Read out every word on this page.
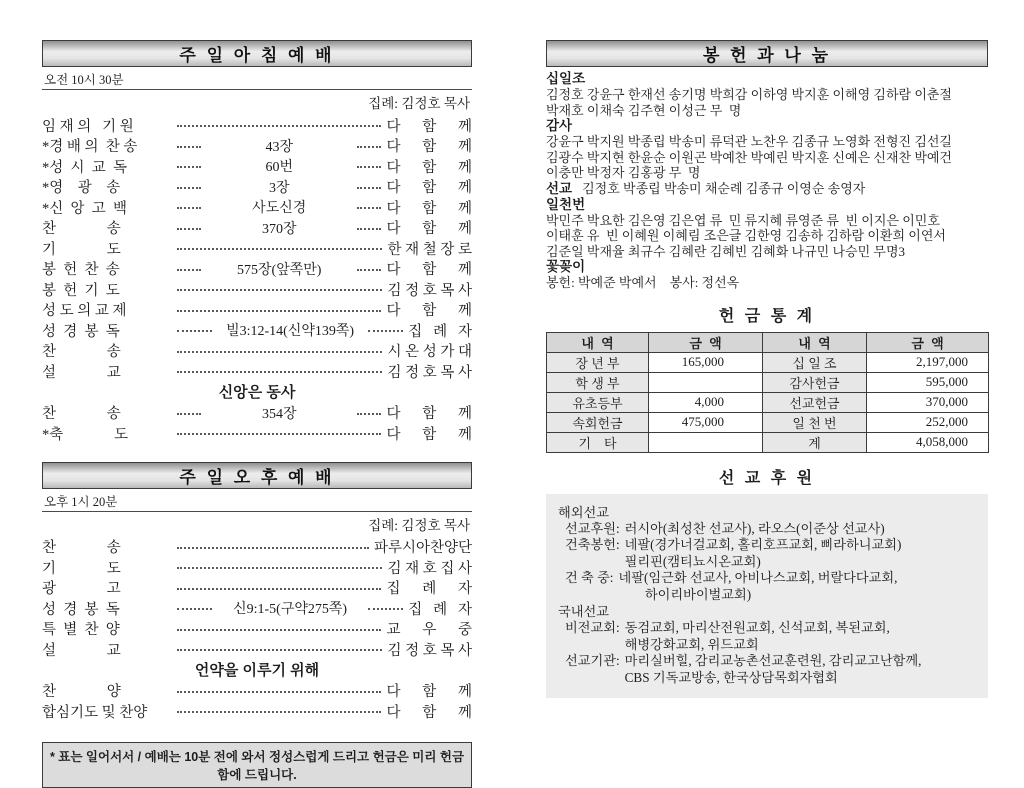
주 일 아 침 예 배
오전 10시 30분
집례: 김정호 목사
임 재 의   기 원	다      함      께
*경 배 의  찬 송	43장	다      함      께
*성  시  교  독	60번	다      함      께
*영    광    송	3장	다      함      께
*신  앙  고  백	사도신경	다      함      께
찬              송	370장	다      함      께
기              도	한 재 철 장 로
봉  헌  찬  송	575장(앞쪽만)	다      함      께
봉  헌  기  도	김 정 호 목 사
성 도 의 교 제	다      함      께
성  경  봉  독	빌3:12-14(신약139쪽)	집   례   자
찬              송	시 온 성 가 대
설              교	김 정 호 목 사
신앙은 동사
찬              송	354장	다      함      께
*축              도	다      함      께
주 일 오 후 예 배
오후 1시 20분
집례: 김정호 목사
찬              송	파루시아찬양단
기              도	김 재 호 집 사
광              고	집      례      자
성  경  봉  독	신9:1-5(구약275쪽)	집   례   자
특  별  찬  양	교      우      중
설              교	김 정 호 목 사
언약을 이루기 위해
찬              양	다      함      께
합심기도 및 찬양	다      함      께
* 표는 일어서서 / 예배는 10분 전에 와서 정성스럽게 드리고 헌금은 미리 헌금함에 드립니다.
봉 헌 과 나 눔
십일조
김정호 강윤구 한재선 송기명 박희감 이하영 박지훈 이해영 김하람 이춘절
박재호 이채숙 김주현 이성근 무  명
감사
강윤구 박지원 박종립 박송미 류덕관 노찬우 김종규 노영화 전형진 김선길
김광수 박지현 한윤순 이원곤 박예찬 박예린 박지훈 신예은 신재찬 박예건
이충만 박정자 김홍광 무  명
선교 김정호 박종립 박송미 채순례 김종규 이영순 송영자
일천번
박민주 박요한 김은영 김은엽 류  민 류지혜 류영준 류  빈 이지은 이민호
이태훈 유  빈 이혜원 이혜림 조은글 김한영 김송하 김하람 이환희 이연서
김준일 박재율 최규수 김혜란 김혜빈 김혜화 나규민 나승민 무명3
꽃꽂이
봉헌: 박예준 박예서    봉사: 정선옥
헌 금 통 계
내  역	금  액	내  역	금  액
장 년 부	165,000	십 일 조	2,197,000
학 생 부		감사헌금	595,000
유초등부	4,000	선교헌금	370,000
속회헌금	475,000	일 천 번	252,000
기    타		계	4,058,000
선 교 후 원
해외선교
선교후원: 러시아(최성찬 선교사), 라오스(이준상 선교사)
건축봉헌: 네팔(경가너걸교회, 홀리호프교회, 삐라하니교회)
필리핀(캠티뇨시온교회)
건 축 중: 네팔(임근화 선교사, 아비나스교회, 버랄다다교회,
하이리바이벌교회)
국내선교
비전교회: 동검교회, 마리산전원교회, 신석교회, 복된교회,
해병강화교회, 위드교회
선교기관: 마리실버힐, 감리교농촌선교훈련원, 감리교고난함께,
CBS 기독교방송, 한국상담목회자협회
